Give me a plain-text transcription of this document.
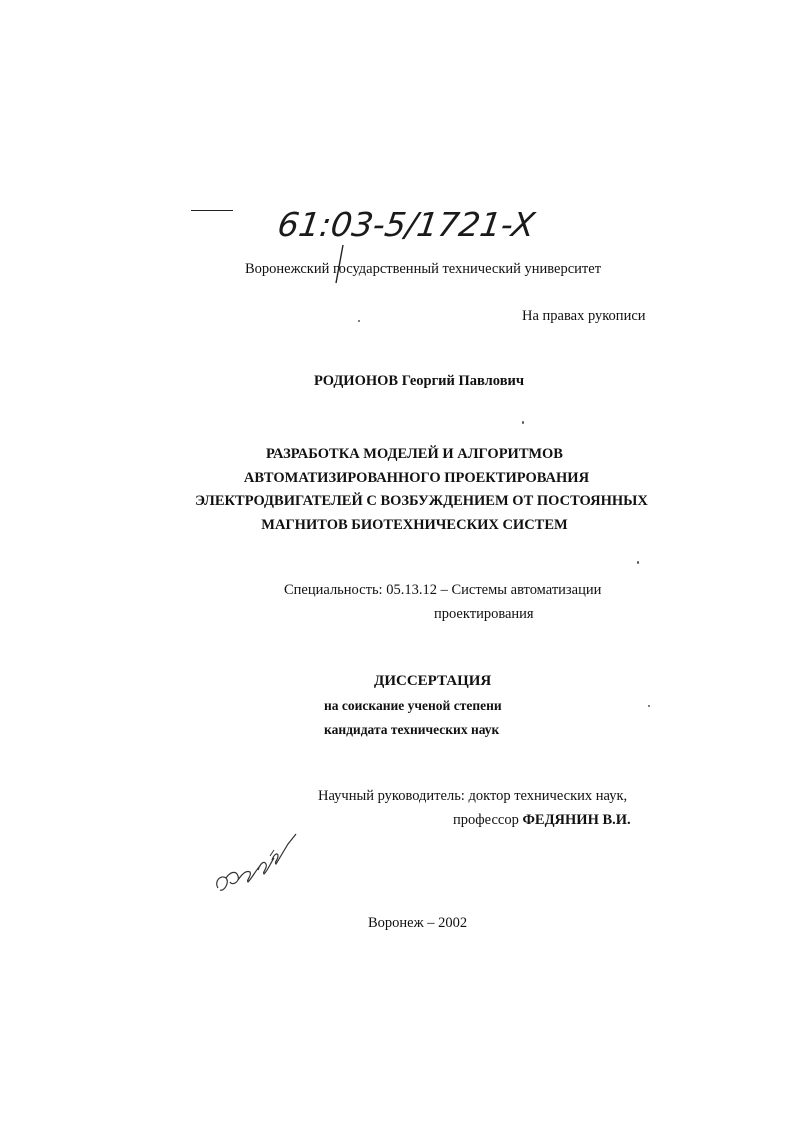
61:03-5/1721-X
Воронежский государственный технический университет
На правах рукописи
РОДИОНОВ Георгий Павлович
РАЗРАБОТКА МОДЕЛЕЙ И АЛГОРИТМОВ
АВТОМАТИЗИРОВАННОГО ПРОЕКТИРОВАНИЯ
ЭЛЕКТРОДВИГАТЕЛЕЙ С ВОЗБУЖДЕНИЕМ ОТ ПОСТОЯННЫХ
МАГНИТОВ БИОТЕХНИЧЕСКИХ СИСТЕМ
Специальность: 05.13.12 – Системы автоматизации
проектирования
ДИССЕРТАЦИЯ
на соискание ученой степени
кандидата технических наук
Научный руководитель: доктор технических наук,
профессор ФЕДЯНИН В.И.
Воронеж – 2002
